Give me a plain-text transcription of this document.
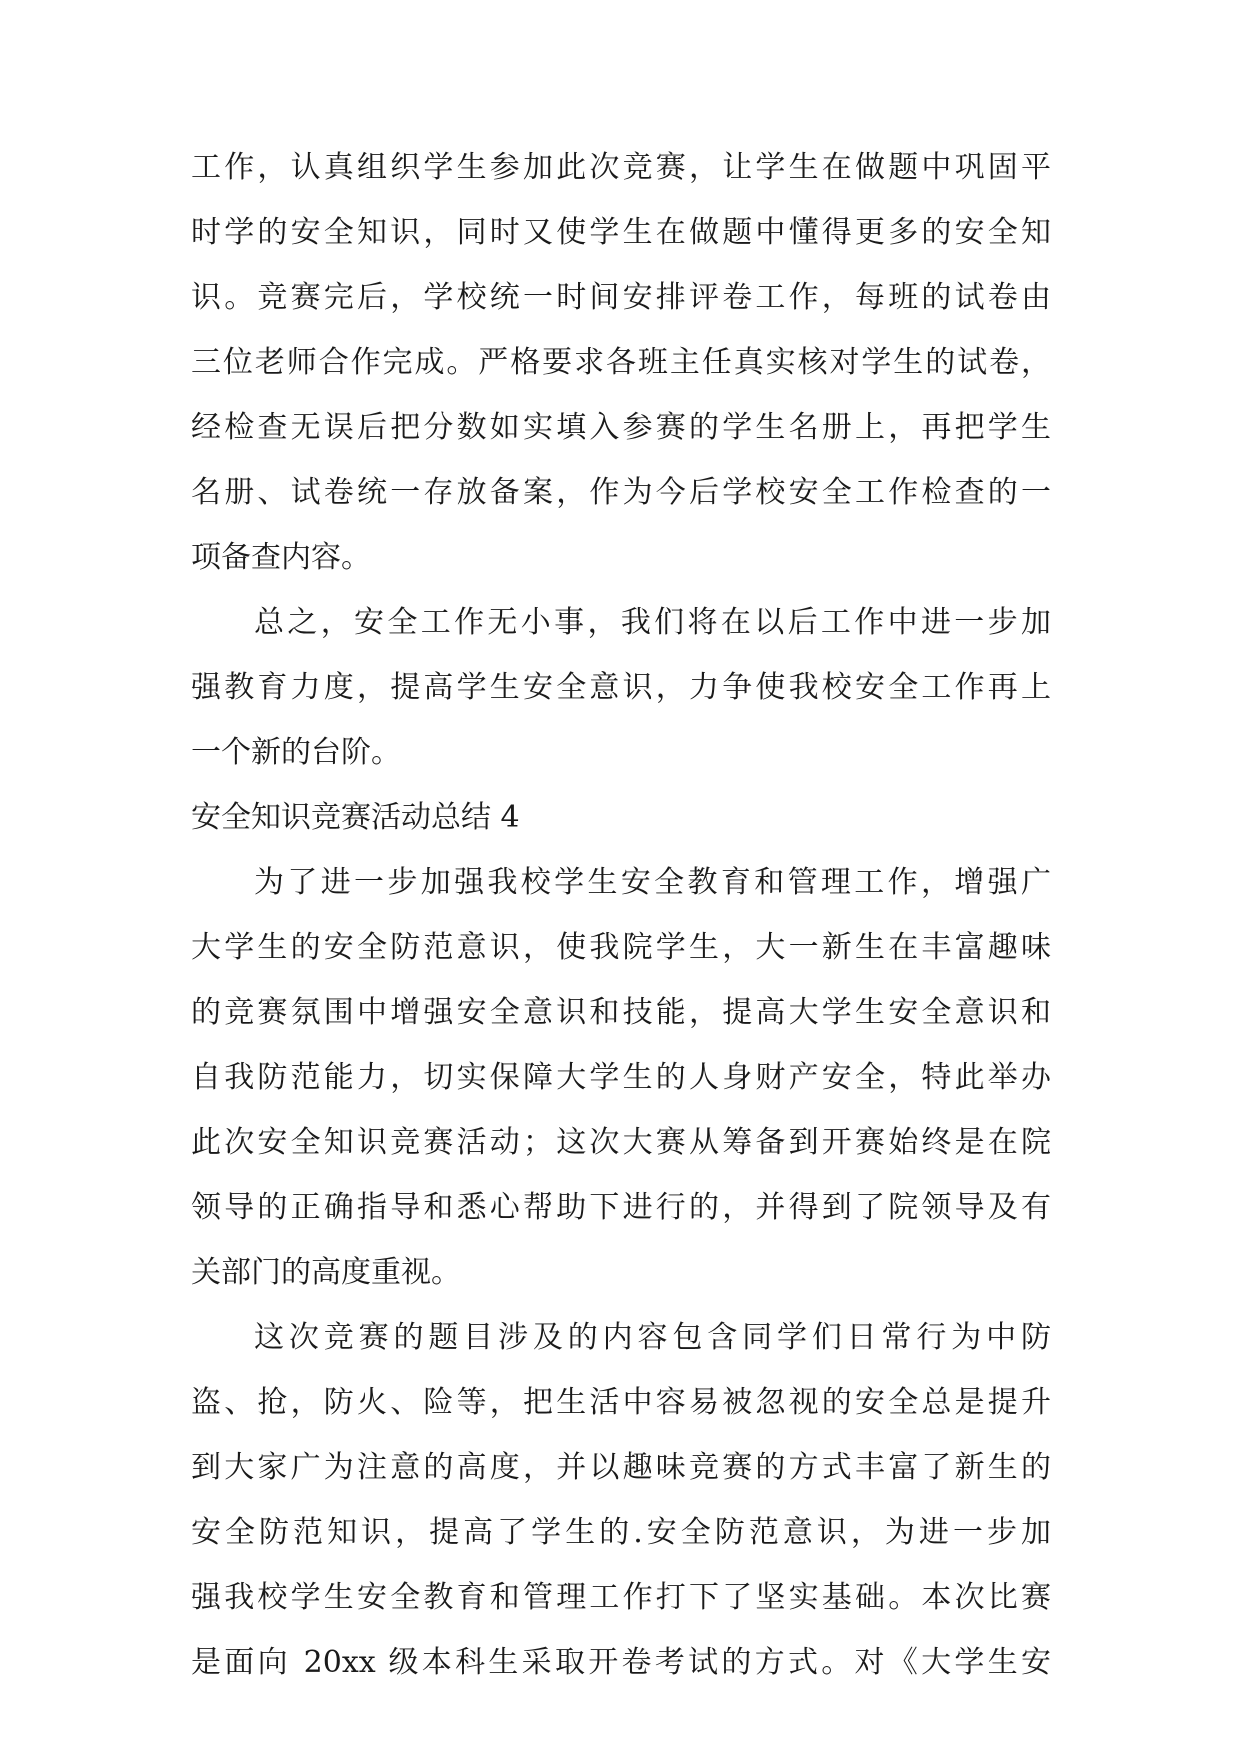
工作，认真组织学生参加此次竞赛，让学生在做题中巩固平
时学的安全知识，同时又使学生在做题中懂得更多的安全知
识。竞赛完后，学校统一时间安排评卷工作，每班的试卷由
三位老师合作完成。严格要求各班主任真实核对学生的试卷，
经检查无误后把分数如实填入参赛的学生名册上，再把学生
名册、试卷统一存放备案，作为今后学校安全工作检查的一
项备查内容。
总之，安全工作无小事，我们将在以后工作中进一步加
强教育力度，提高学生安全意识，力争使我校安全工作再上
一个新的台阶。
安全知识竞赛活动总结 4
为了进一步加强我校学生安全教育和管理工作，增强广
大学生的安全防范意识，使我院学生，大一新生在丰富趣味
的竞赛氛围中增强安全意识和技能，提高大学生安全意识和
自我防范能力，切实保障大学生的人身财产安全，特此举办
此次安全知识竞赛活动；这次大赛从筹备到开赛始终是在院
领导的正确指导和悉心帮助下进行的，并得到了院领导及有
关部门的高度重视。
这次竞赛的题目涉及的内容包含同学们日常行为中防
盗、抢，防火、险等，把生活中容易被忽视的安全总是提升
到大家广为注意的高度，并以趣味竞赛的方式丰富了新生的
安全防范知识，提高了学生的.安全防范意识，为进一步加
强我校学生安全教育和管理工作打下了坚实基础。本次比赛
是面向 20xx 级本科生采取开卷考试的方式。对《大学生安
